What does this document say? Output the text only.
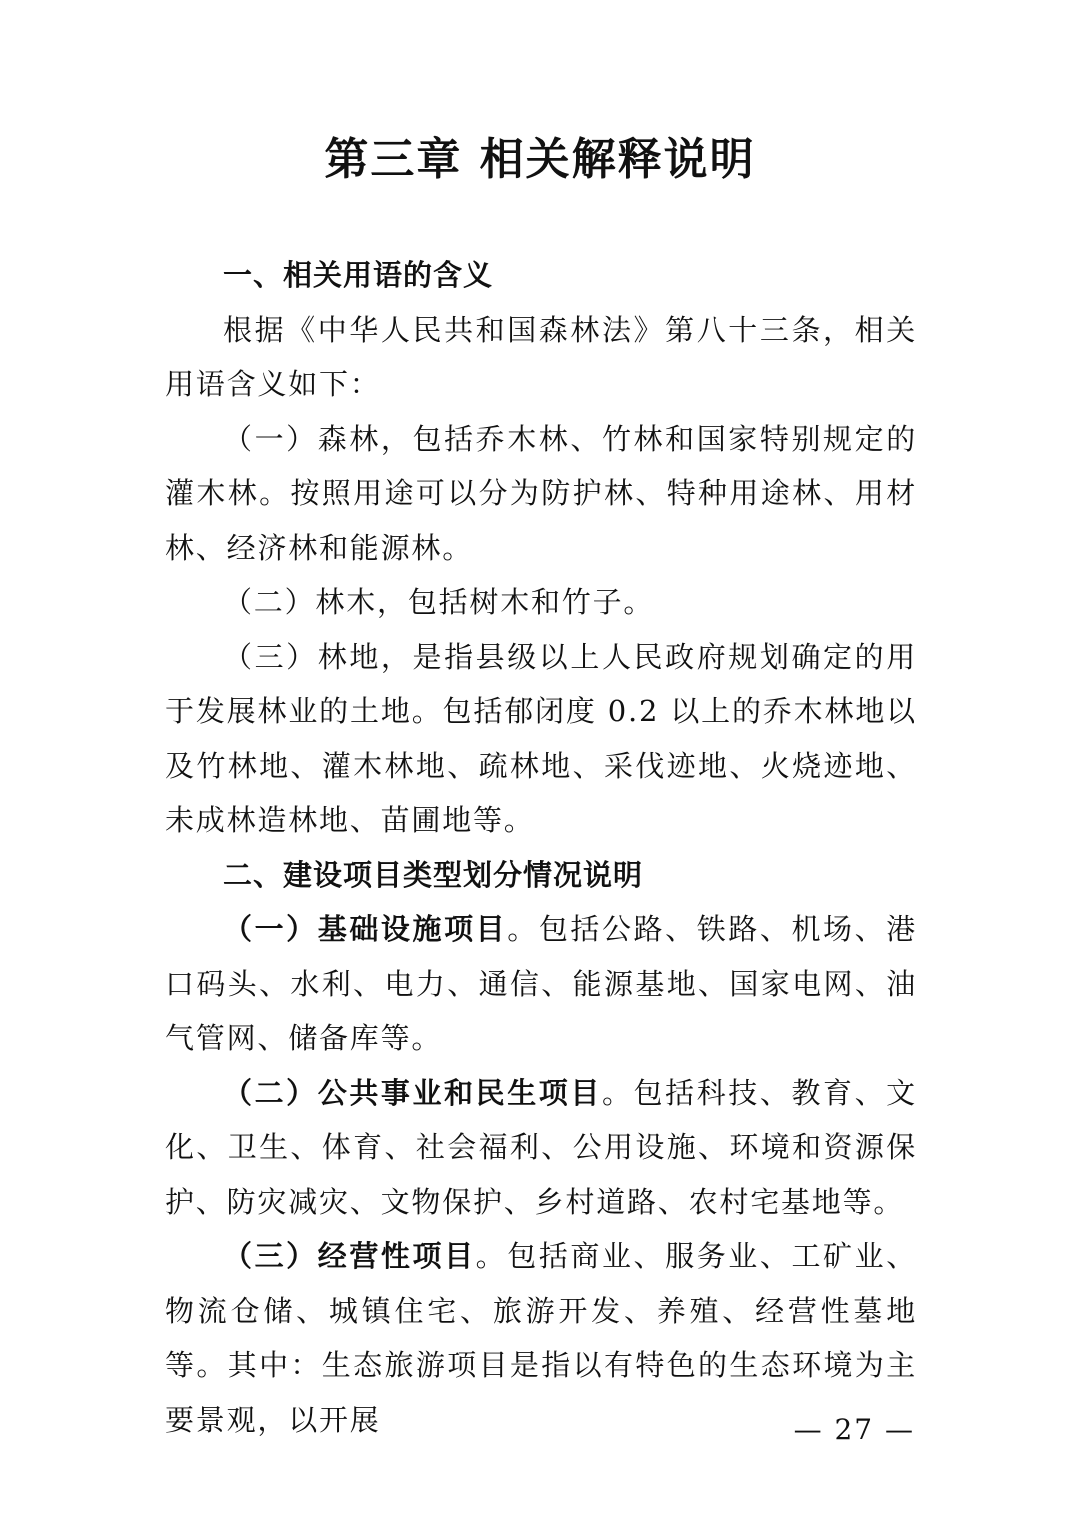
第三章 相关解释说明

一、相关用语的含义

根据《中华人民共和国森林法》第八十三条，相关用语含义如下：

（一）森林，包括乔木林、竹林和国家特别规定的灌木林。按照用途可以分为防护林、特种用途林、用材林、经济林和能源林。

（二）林木，包括树木和竹子。

（三）林地，是指县级以上人民政府规划确定的用于发展林业的土地。包括郁闭度 0.2 以上的乔木林地以及竹林地、灌木林地、疏林地、采伐迹地、火烧迹地、未成林造林地、苗圃地等。

二、建设项目类型划分情况说明

（一）基础设施项目。包括公路、铁路、机场、港口码头、水利、电力、通信、能源基地、国家电网、油气管网、储备库等。

（二）公共事业和民生项目。包括科技、教育、文化、卫生、体育、社会福利、公用设施、环境和资源保护、防灾减灾、文物保护、乡村道路、农村宅基地等。

（三）经营性项目。包括商业、服务业、工矿业、物流仓储、城镇住宅、旅游开发、养殖、经营性墓地等。其中：生态旅游项目是指以有特色的生态环境为主要景观，以开展	— 27 —
